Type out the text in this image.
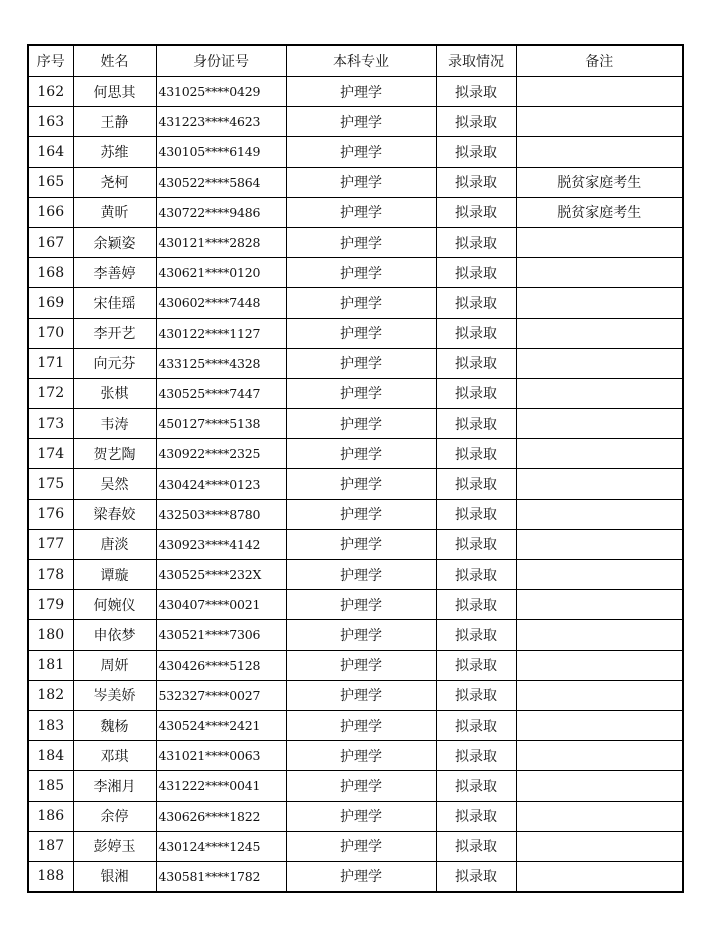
序号	姓名	身份证号	本科专业	录取情况	备注
162	何思其	431025****0429	护理学	拟录取	
163	王静	431223****4623	护理学	拟录取	
164	苏维	430105****6149	护理学	拟录取	
165	尧柯	430522****5864	护理学	拟录取	脱贫家庭考生
166	黄昕	430722****9486	护理学	拟录取	脱贫家庭考生
167	余颖姿	430121****2828	护理学	拟录取	
168	李善婷	430621****0120	护理学	拟录取	
169	宋佳瑶	430602****7448	护理学	拟录取	
170	李开艺	430122****1127	护理学	拟录取	
171	向元芬	433125****4328	护理学	拟录取	
172	张棋	430525****7447	护理学	拟录取	
173	韦涛	450127****5138	护理学	拟录取	
174	贺艺陶	430922****2325	护理学	拟录取	
175	吴然	430424****0123	护理学	拟录取	
176	梁春姣	432503****8780	护理学	拟录取	
177	唐淡	430923****4142	护理学	拟录取	
178	谭璇	430525****232X	护理学	拟录取	
179	何婉仪	430407****0021	护理学	拟录取	
180	申依梦	430521****7306	护理学	拟录取	
181	周妍	430426****5128	护理学	拟录取	
182	岑美娇	532327****0027	护理学	拟录取	
183	魏杨	430524****2421	护理学	拟录取	
184	邓琪	431021****0063	护理学	拟录取	
185	李湘月	431222****0041	护理学	拟录取	
186	余停	430626****1822	护理学	拟录取	
187	彭婷玉	430124****1245	护理学	拟录取	
188	银湘	430581****1782	护理学	拟录取	
